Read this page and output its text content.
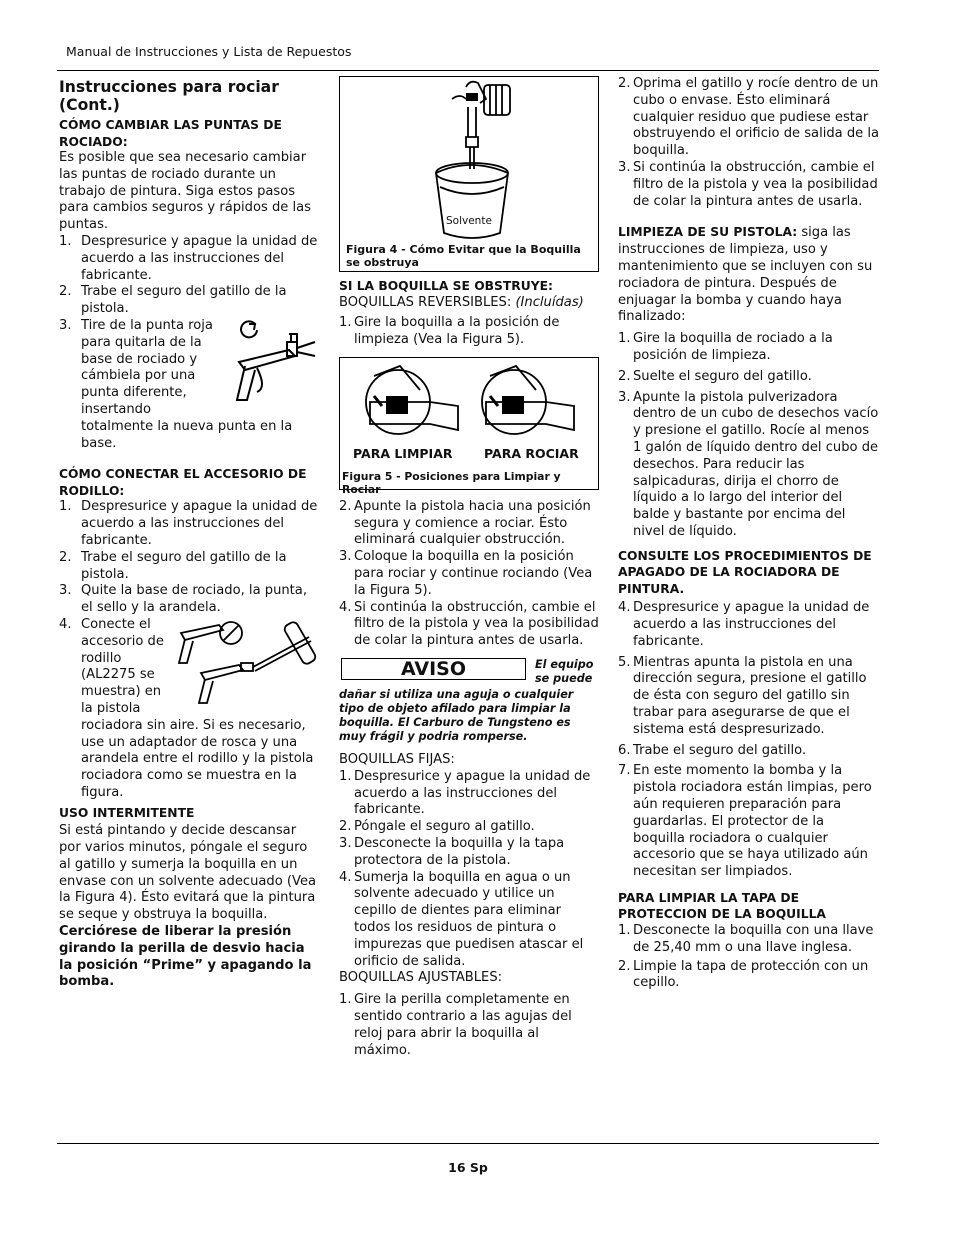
Manual de Instrucciones y Lista de Repuestos
Instrucciones para rociar (Cont.)
CÓMO CAMBIAR LAS PUNTAS DE ROCIADO:

Es posible que sea necesario cambiar las puntas de rociado durante un trabajo de pintura. Siga estos pasos para cambios seguros y rápidos de las puntas.

1. Despresurice y apague la unidad de acuerdo a las instrucciones del fabricante.
2. Trabe el seguro del gatillo de la pistola.
3. Tire de la punta roja para quitarla de la base de rociado y cámbiela por una punta diferente, insertando totalmente la nueva punta en la base.
CÓMO CONECTAR EL ACCESORIO DE RODILLO:
1. Despresurice y apague la unidad de acuerdo a las instrucciones del fabricante.
2. Trabe el seguro del gatillo de la pistola.
3. Quite la base de rociado, la punta, el sello y la arandela.
4. Conecte el accesorio de rodillo (AL2275 se muestra) en la pistola rociadora sin aire. Si es necesario, use un adaptador de rosca y una arandela entre el rodillo y la pistola rociadora como se muestra en la figura.
USO INTERMITENTE

Si está pintando y decide descansar por varios minutos, póngale el seguro al gatillo y sumerja la boquilla en un envase con un solvente adecuado (Vea la Figura 4). Ésto evitará que la pintura se seque y obstruya la boquilla.

Cerciórese de liberar la presión girando la perilla de desvio hacia la posición “Prime” y apagando la bomba.

Solvente
Figura 4 - Cómo Evitar que la Boquilla se obstruya
SI LA BOQUILLA SE OBSTRUYE:

BOQUILLAS REVERSIBLES: (Incluídas)

1. Gire la boquilla a la posición de limpieza (Vea la Figura 5).
PARA LIMPIAR	PARA ROCIAR
Figura 5 - Posiciones para Limpiar y Rociar
2. Apunte la pistola hacia una posición segura y comience a rociar. Ésto eliminará cualquier obstrucción.
3. Coloque la boquilla en la posición para rociar y continue rociando (Vea la Figura 5).
4. Si continúa la obstrucción, cambie el filtro de la pistola y vea la posibilidad de colar la pintura antes de usarla.
AVISO	El equipo se puede
dañar si utiliza una aguja o cualquier tipo de objeto afilado para limpiar la boquilla. El Carburo de Tungsteno es muy frágil y podria romperse.

BOQUILLAS FIJAS:

1. Despresurice y apague la unidad de acuerdo a las instrucciones del fabricante.
2. Póngale el seguro al gatillo.
3. Desconecte la boquilla y la tapa protectora de la pistola.
4. Sumerja la boquilla en agua o un solvente adecuado y utilice un cepillo de dientes para eliminar todos los residuos de pintura o impurezas que puedisen atascar el orificio de salida.

BOQUILLAS AJUSTABLES:

1. Gire la perilla completamente en sentido contrario a las agujas del reloj para abrir la boquilla al máximo.
2. Oprima el gatillo y rocíe dentro de un cubo o envase. Ésto eliminará cualquier residuo que pudiese estar obstruyendo el orificio de salida de la boquilla.
3. Si continúa la obstrucción, cambie el filtro de la pistola y vea la posibilidad de colar la pintura antes de usarla.

LIMPIEZA DE SU PISTOLA: siga las instrucciones de limpieza, uso y mantenimiento que se incluyen con su rociadora de pintura. Después de enjuagar la bomba y cuando haya finalizado:

1. Gire la boquilla de rociado a la posición de limpieza.
2. Suelte el seguro del gatillo.
3. Apunte la pistola pulverizadora dentro de un cubo de desechos vacío y presione el gatillo. Rocíe al menos 1 galón de líquido dentro del cubo de desechos. Para reducir las salpicaduras, dirija el chorro de líquido a lo largo del interior del balde y bastante por encima del nivel de líquido.
CONSULTE LOS PROCEDIMIENTOS DE APAGADO DE LA ROCIADORA DE PINTURA.
4. Despresurice y apague la unidad de acuerdo a las instrucciones del fabricante.
5. Mientras apunta la pistola en una dirección segura, presione el gatillo de ésta con seguro del gatillo sin trabar para asegurarse de que el sistema está despresurizado.
6. Trabe el seguro del gatillo.
7. En este momento la bomba y la pistola rociadora están limpias, pero aún requieren preparación para guardarlas. El protector de la boquilla rociadora o cualquier accesorio que se haya utilizado aún necesitan ser limpiados.
PARA LIMPIAR LA TAPA DE PROTECCION DE LA BOQUILLA
1. Desconecte la boquilla con una llave de 25,40 mm o una llave inglesa.
2. Limpie la tapa de protección con un cepillo.
16 Sp
